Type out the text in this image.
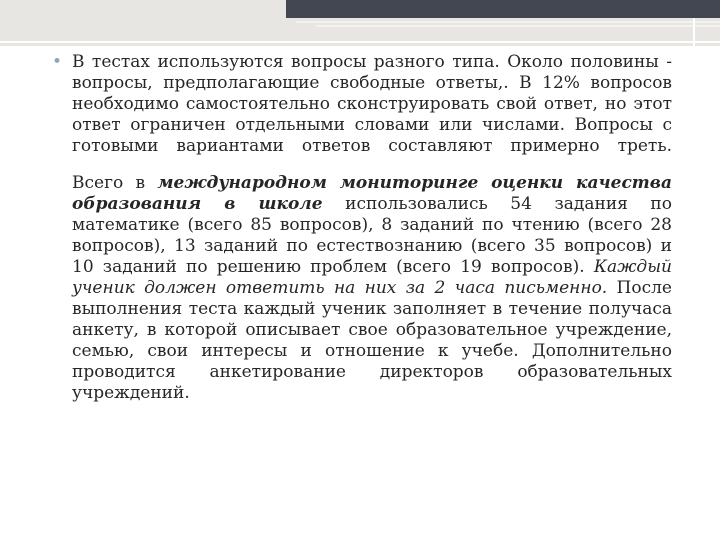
• В тестах используются вопросы разного типа. Около половины - вопросы, предполагающие свободные ответы,. В 12% вопросов необходимо самостоятельно сконструировать свой ответ, но этот ответ ограничен отдельными словами или числами. Вопросы с готовыми вариантами ответов составляют примерно треть.
Всего в международном мониторинге оценки качества образования в школе использовались 54 задания по математике (всего 85 вопросов), 8 заданий по чтению (всего 28 вопросов), 13 заданий по естествознанию (всего 35 вопросов) и 10 заданий по решению проблем (всего 19 вопросов). Каждый ученик должен ответить на них за 2 часа письменно. После выполнения теста каждый ученик заполняет в течение получаса анкету, в которой описывает свое образовательное учреждение, семью, свои интересы и отношение к учебе. Дополнительно проводится анкетирование директоров образовательных учреждений.
